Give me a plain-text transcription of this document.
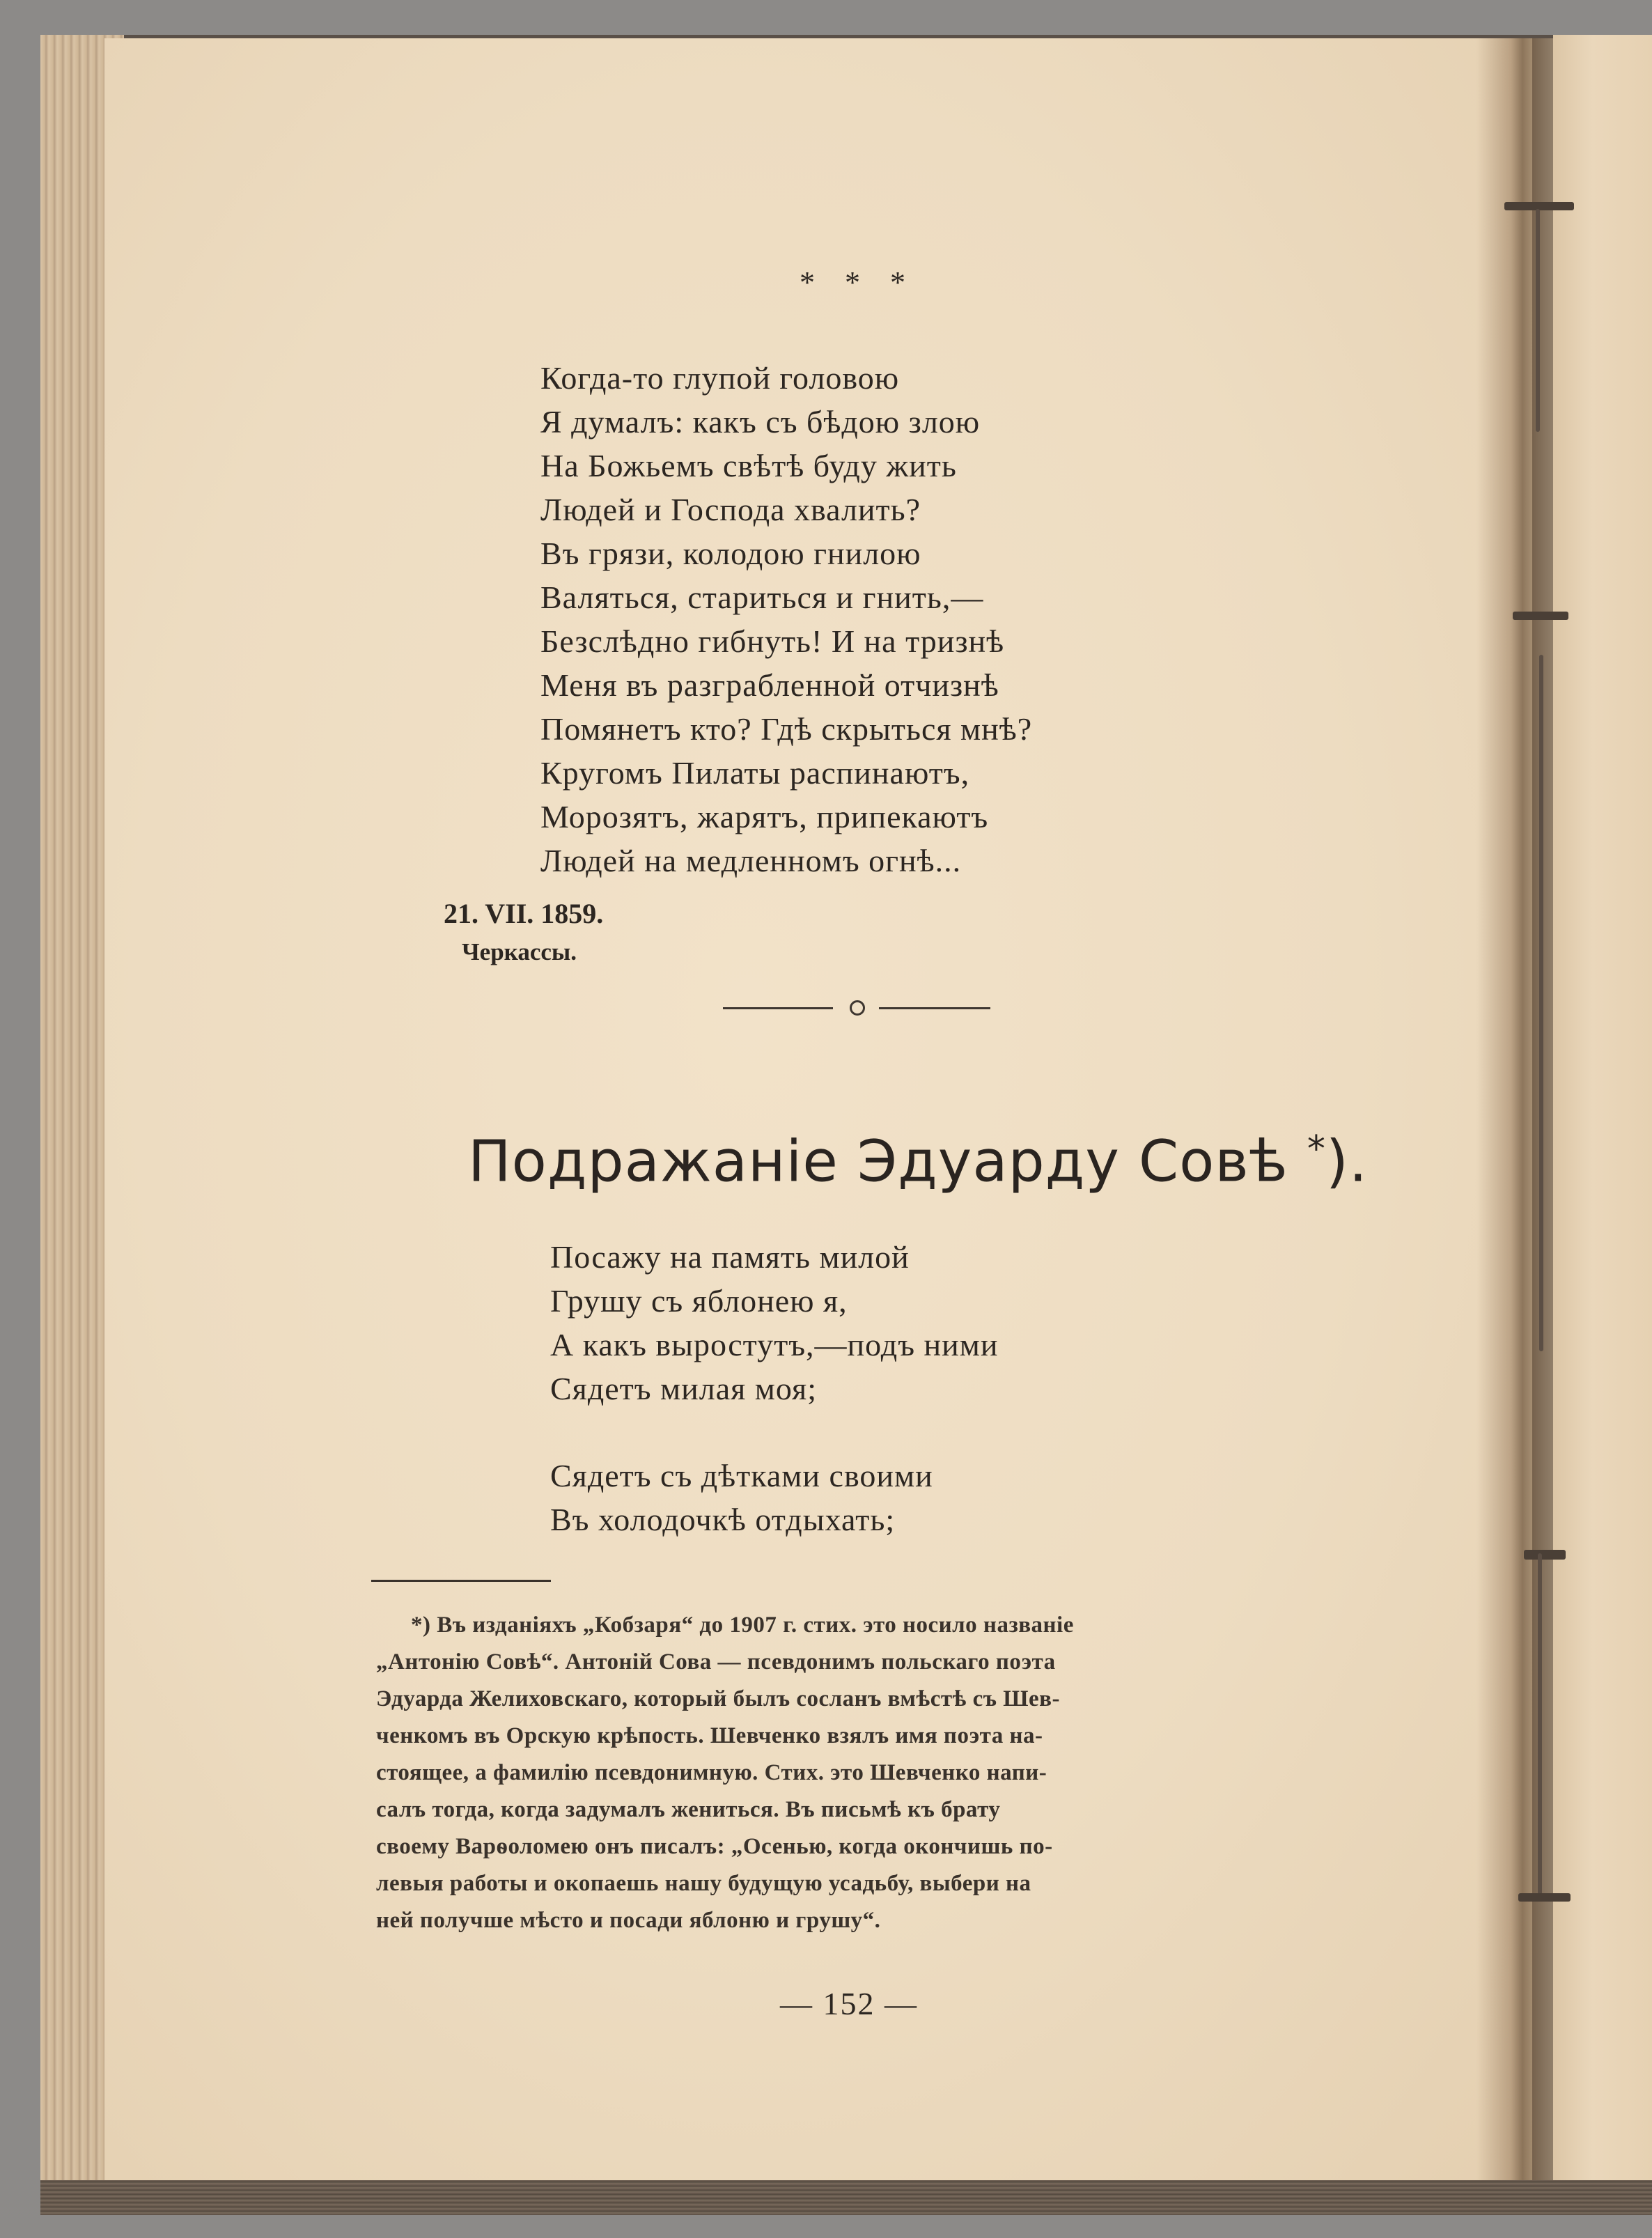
* * *
Когда-то глупой головою
Я думалъ: какъ съ бѣдою злою
На Божьемъ свѣтѣ буду жить
Людей и Господа хвалить?
Въ грязи, колодою гнилою
Валяться, стариться и гнить,—
Безслѣдно гибнуть! И на тризнѣ
Меня въ разграбленной отчизнѣ
Помянетъ кто? Гдѣ скрыться мнѣ?
Кругомъ Пилаты распинаютъ,
Морозятъ, жарятъ, припекаютъ
Людей на медленномъ огнѣ...
21. VII. 1859.
Черкассы.
Подражаніе Эдуарду Совѣ *).
Посажу на память милой
Грушу съ яблонею я,
А какъ выростутъ,—подъ ними
Сядетъ милая моя;
Сядетъ съ дѣтками своими
Въ холодочкѣ отдыхать;
*) Въ изданіяхъ „Кобзаря“ до 1907 г. стих. это носило названіе
„Антонію Совѣ“. Антоній Сова — псевдонимъ польскаго поэта
Эдуарда Желиховскаго, который былъ сосланъ вмѣстѣ съ Шев-
ченкомъ въ Орскую крѣпость. Шевченко взялъ имя поэта на-
стоящее, а фамилію псевдонимную. Стих. это Шевченко напи-
салъ тогда, когда задумалъ жениться. Въ письмѣ къ брату
своему Варѳоломею онъ писалъ: „Осенью, когда окончишь по-
левыя работы и окопаешь нашу будущую усадьбу, выбери на
ней получше мѣсто и посади яблоню и грушу“.
— 152 —
